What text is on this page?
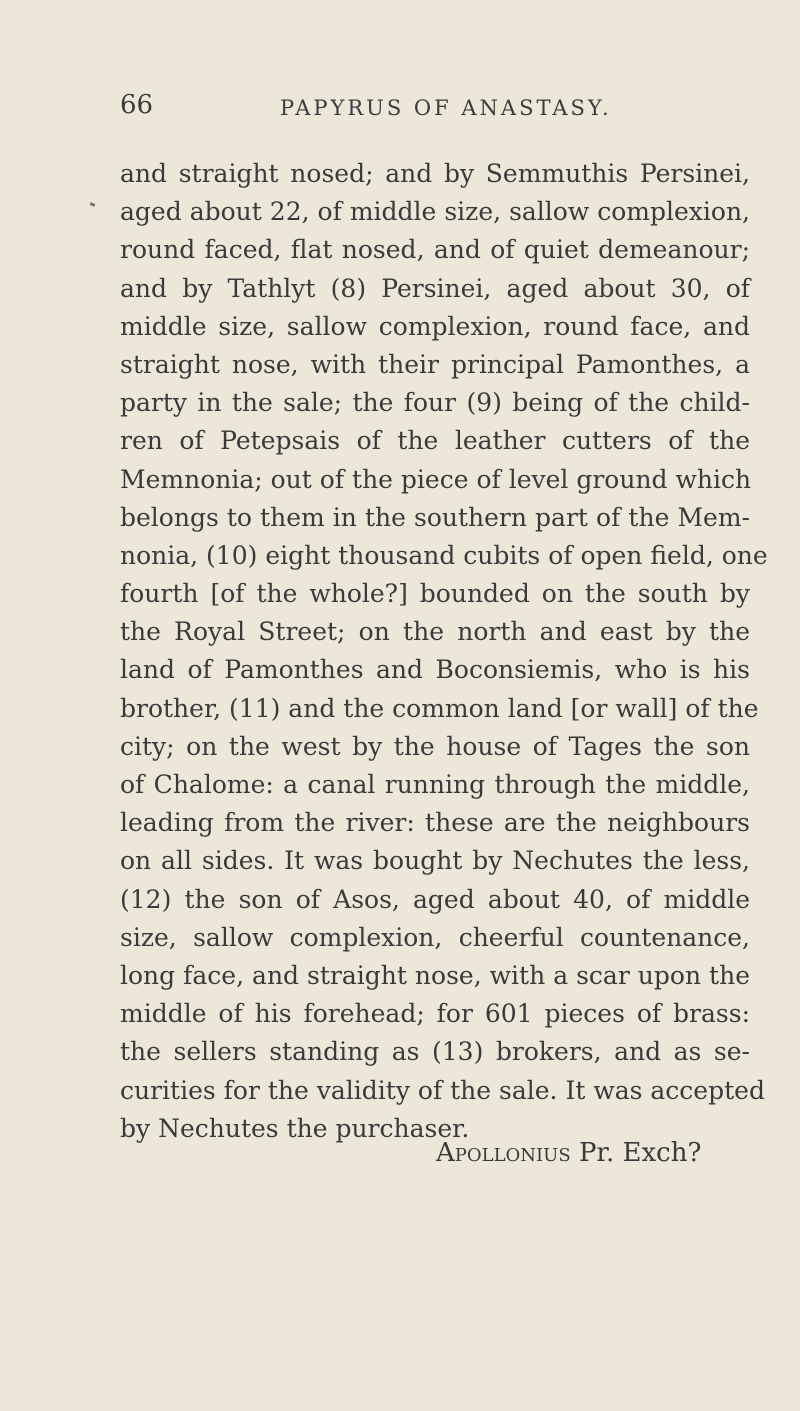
66	PAPYRUS OF ANASTASY.
and straight nosed; and by Semmuthis Persinei,
aged about 22, of middle size, sallow complexion,
round faced, flat nosed, and of quiet demeanour;
and by Tathlyt (8) Persinei, aged about 30, of
middle size, sallow complexion, round face, and
straight nose, with their principal Pamonthes, a
party in the sale; the four (9) being of the child-
ren of Petepsais of the leather cutters of the
Memnonia; out of the piece of level ground which
belongs to them in the southern part of the Mem-
nonia, (10) eight thousand cubits of open field, one
fourth [of the whole?] bounded on the south by
the Royal Street; on the north and east by the
land of Pamonthes and Boconsiemis, who is his
brother, (11) and the common land [or wall] of the
city; on the west by the house of Tages the son
of Chalome: a canal running through the middle,
leading from the river: these are the neighbours
on all sides. It was bought by Nechutes the less,
(12) the son of Asos, aged about 40, of middle
size, sallow complexion, cheerful countenance,
long face, and straight nose, with a scar upon the
middle of his forehead; for 601 pieces of brass:
the sellers standing as (13) brokers, and as se-
curities for the validity of the sale. It was accepted
by Nechutes the purchaser.
Apollonius Pr. Exch?
